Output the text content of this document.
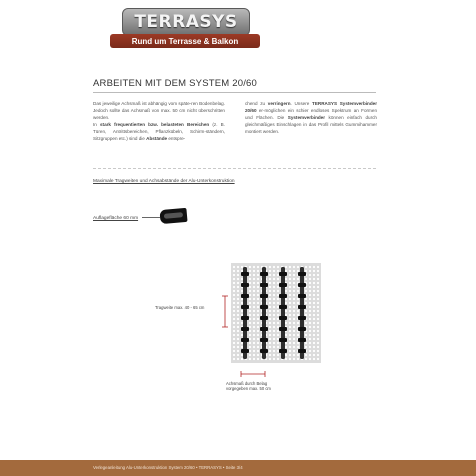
TERRASYS
Rund um Terrasse & Balkon
ARBEITEN MIT DEM SYSTEM 20/60
Das jeweilige Achsmaß ist abhängig vom späte-ren Bodenbelag. Jedoch sollte das Achsmaß von max. 50 cm nicht überschritten werden.
In stark frequentierten bzw. belasteten Bereichen (z. B. Türen, Antrittsbereichen, Pflanzkübeln, Schirm-ständern, Sitzgruppen etc.) sind die Abstände entspre-
chend zu verringern. Unsere TERRASYS Systemverbinder 20/60 er-möglichen ein schier endloses Spektrum an Formen und Flächen. Die Systemverbinder können einfach durch gleichmäßiges Einschlagen in das Profil mittels Gummihammer montiert werden.
Maximale Tragweiten und Achsabstände der Alu-Unterkonstruktion
Auflagefläche 60 mm
Tragweite max. 40 - 65 cm
Achsmaß durch Belag vorgegeben max. 50 cm
Verlegeanleitung Alu-Unterkonstruktion System 20/60 • TERRASYS • Seite 3/4
